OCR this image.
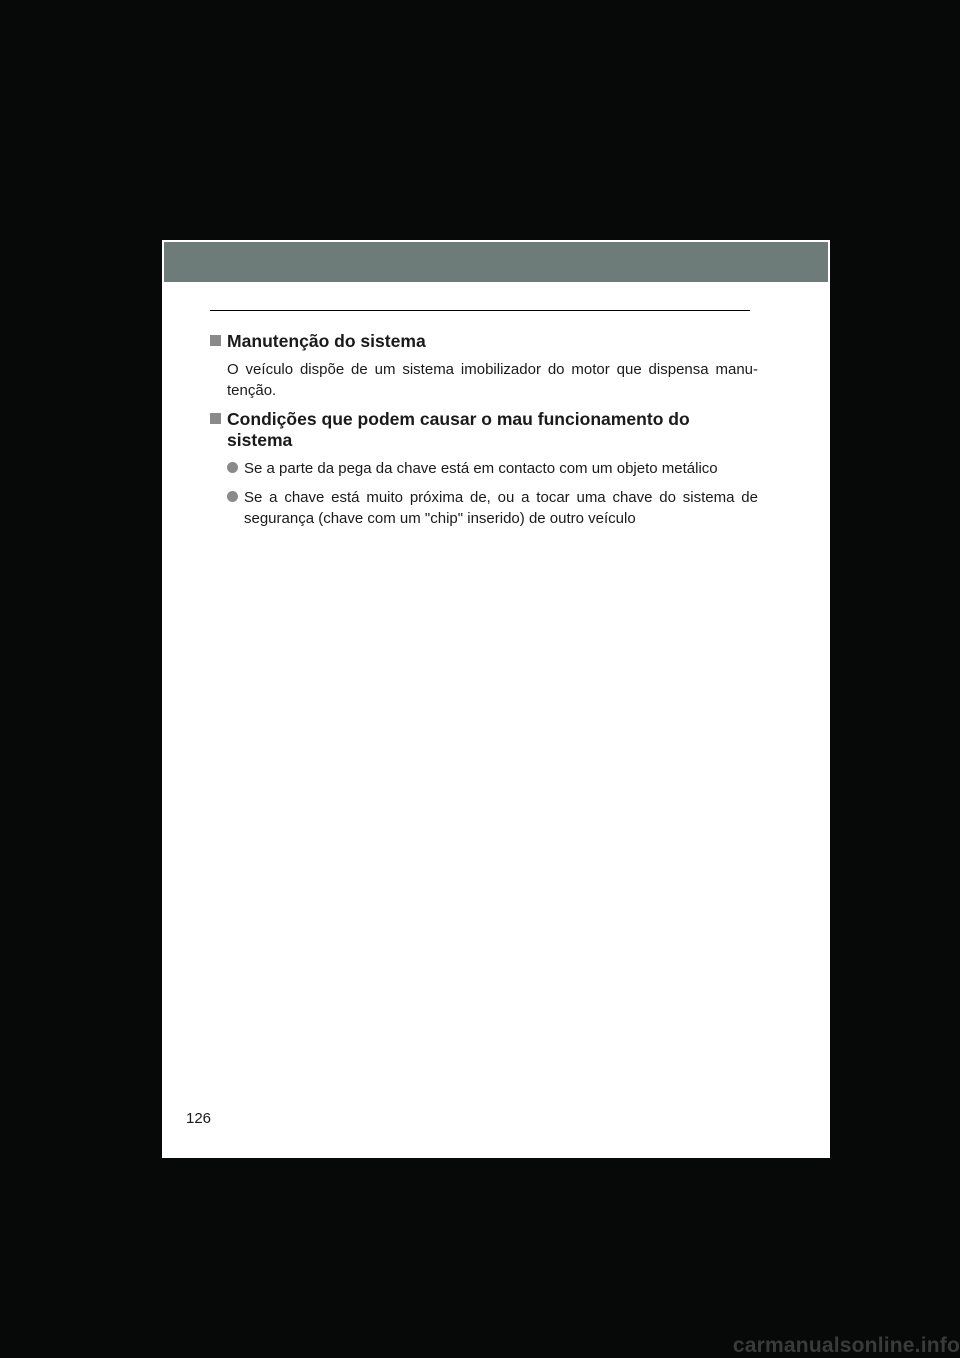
Manutenção do sistema

O veículo dispõe de um sistema imobilizador do motor que dispensa manu-tenção.

Condições que podem causar o mau funcionamento do sistema
Se a parte da pega da chave está em contacto com um objeto metálico
Se a chave está muito próxima de, ou a tocar uma chave do sistema de segurança (chave com um "chip" inserido) de outro veículo
126
carmanualsonline.info
